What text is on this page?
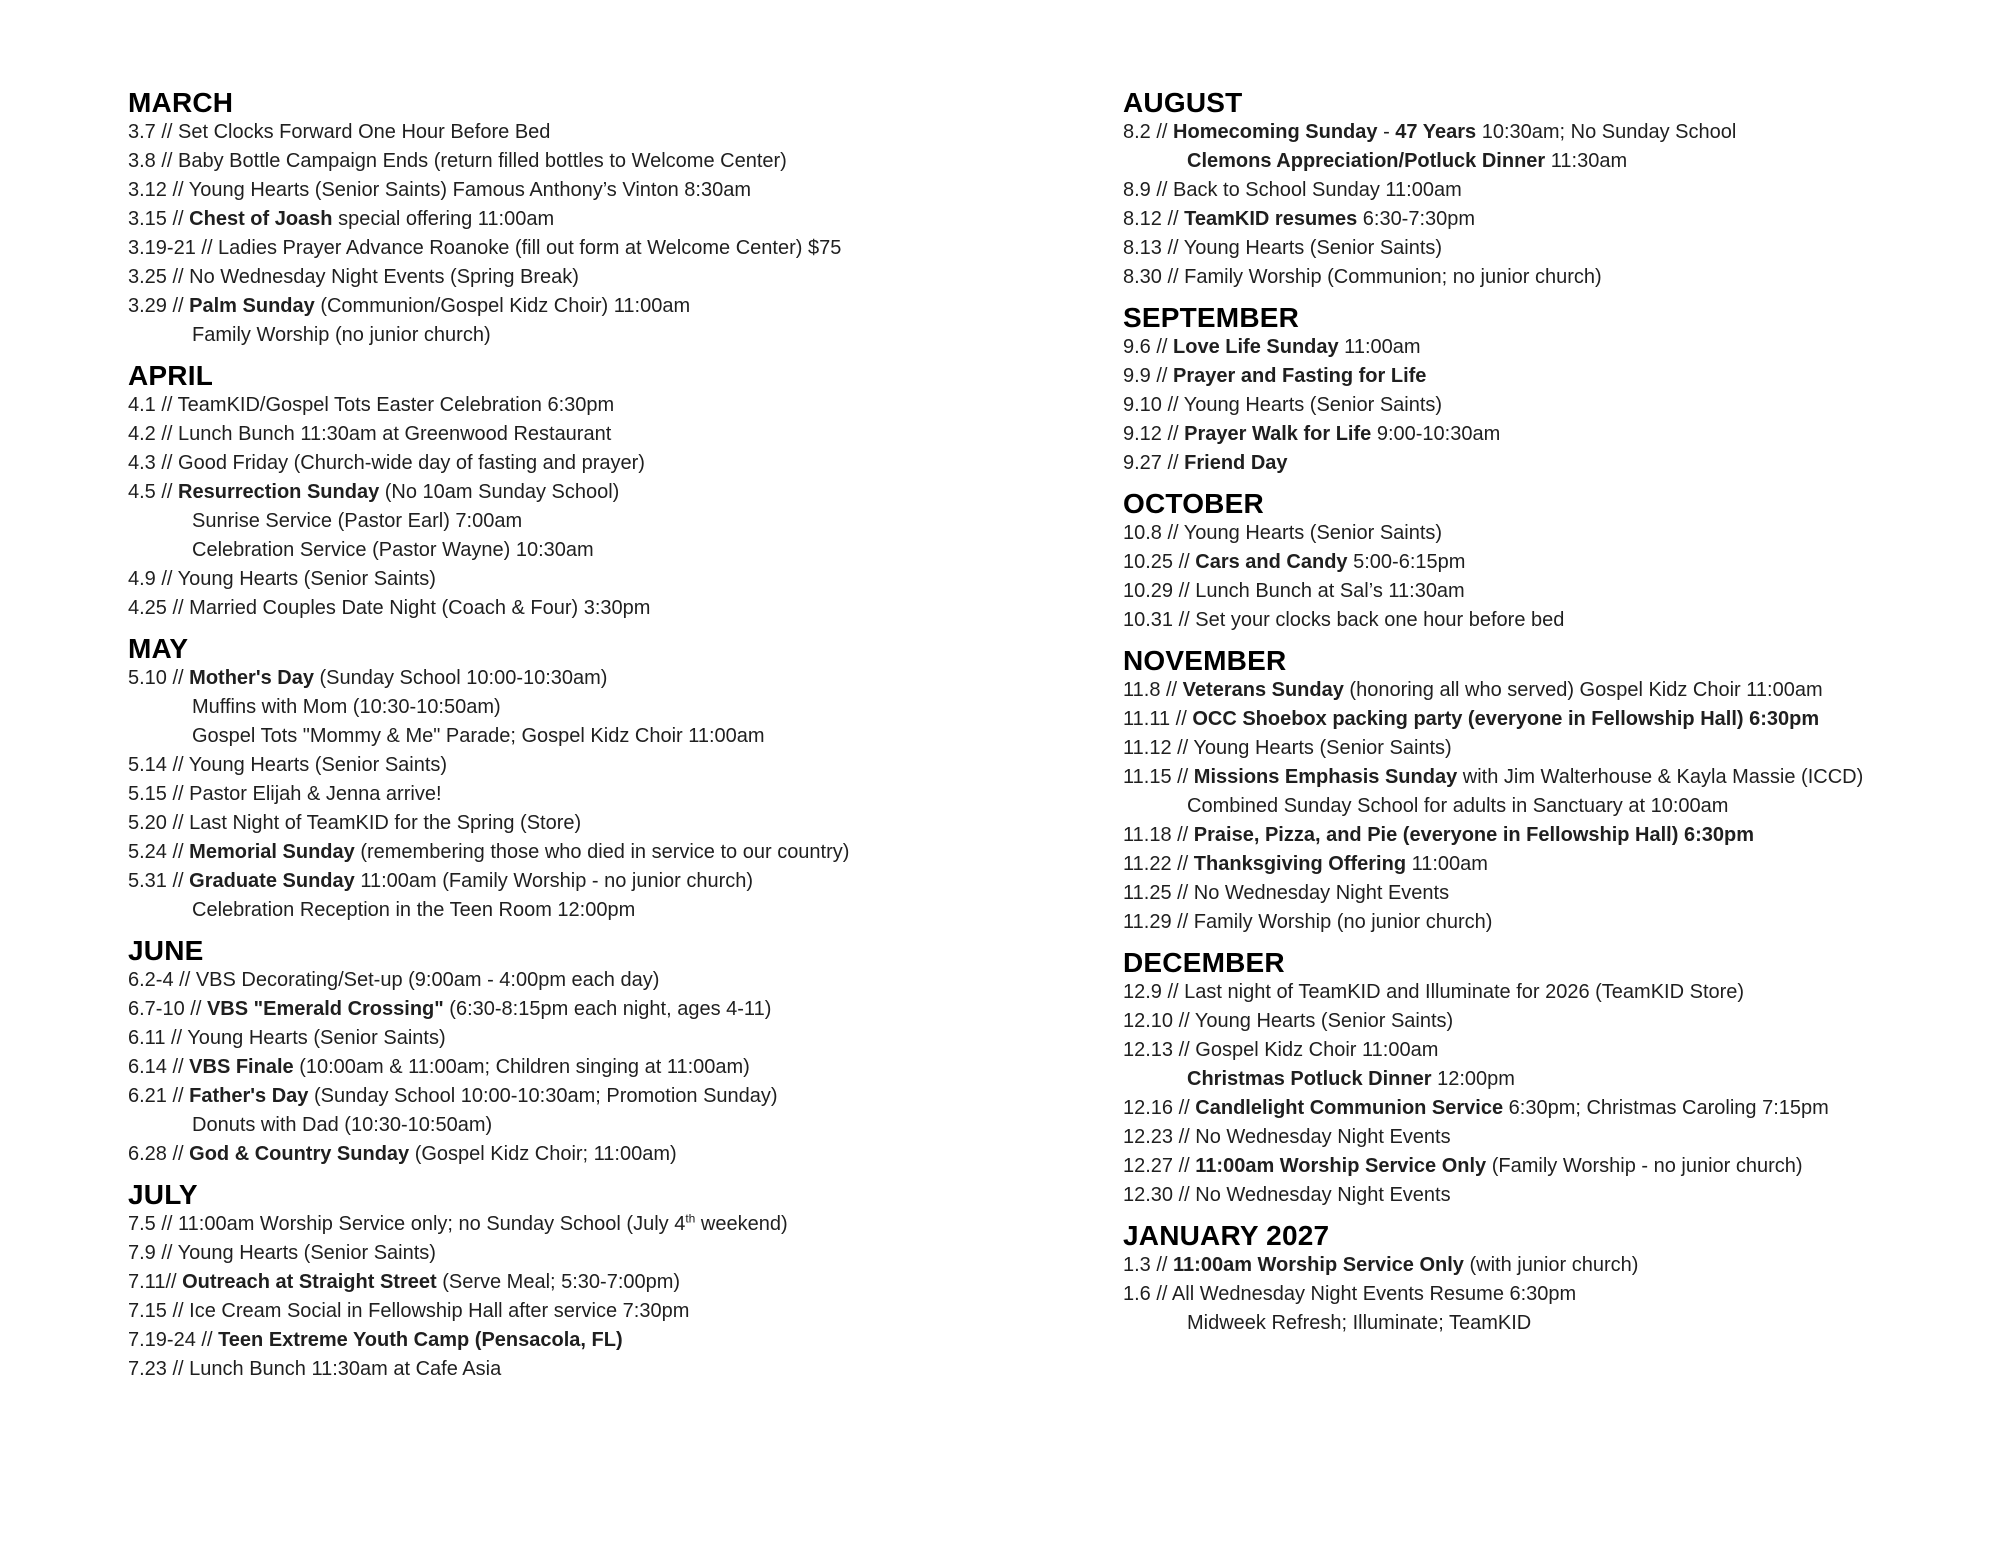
MARCH

3.7 // Set Clocks Forward One Hour Before Bed

3.8 // Baby Bottle Campaign Ends (return filled bottles to Welcome Center)

3.12 // Young Hearts (Senior Saints) Famous Anthony’s Vinton 8:30am

3.15 // Chest of Joash special offering 11:00am

3.19-21 // Ladies Prayer Advance Roanoke (fill out form at Welcome Center) $75

3.25 // No Wednesday Night Events (Spring Break)

3.29 // Palm Sunday (Communion/Gospel Kidz Choir) 11:00am

Family Worship (no junior church)

APRIL

4.1 // TeamKID/Gospel Tots Easter Celebration 6:30pm

4.2 // Lunch Bunch 11:30am at Greenwood Restaurant

4.3 // Good Friday (Church-wide day of fasting and prayer)

4.5 // Resurrection Sunday (No 10am Sunday School)

Sunrise Service (Pastor Earl) 7:00am

Celebration Service (Pastor Wayne) 10:30am

4.9 // Young Hearts (Senior Saints)

4.25 // Married Couples Date Night (Coach & Four) 3:30pm

MAY

5.10 // Mother's Day (Sunday School 10:00-10:30am)

Muffins with Mom (10:30-10:50am)

Gospel Tots "Mommy & Me" Parade; Gospel Kidz Choir 11:00am

5.14 // Young Hearts (Senior Saints)

5.15 // Pastor Elijah & Jenna arrive!

5.20 // Last Night of TeamKID for the Spring (Store)

5.24 // Memorial Sunday (remembering those who died in service to our country)

5.31 // Graduate Sunday 11:00am (Family Worship - no junior church)

Celebration Reception in the Teen Room 12:00pm

JUNE

6.2-4 // VBS Decorating/Set-up (9:00am - 4:00pm each day)

6.7-10 // VBS "Emerald Crossing" (6:30-8:15pm each night, ages 4-11)

6.11 // Young Hearts (Senior Saints)

6.14 // VBS Finale (10:00am & 11:00am; Children singing at 11:00am)

6.21 // Father's Day (Sunday School 10:00-10:30am; Promotion Sunday)

Donuts with Dad (10:30-10:50am)

6.28 // God & Country Sunday (Gospel Kidz Choir; 11:00am)

JULY

7.5 // 11:00am Worship Service only; no Sunday School (July 4th weekend)

7.9 // Young Hearts (Senior Saints)

7.11// Outreach at Straight Street (Serve Meal; 5:30-7:00pm)

7.15 // Ice Cream Social in Fellowship Hall after service 7:30pm

7.19-24 // Teen Extreme Youth Camp (Pensacola, FL)

7.23 // Lunch Bunch 11:30am at Cafe Asia

AUGUST

8.2 // Homecoming Sunday - 47 Years 10:30am; No Sunday School

Clemons Appreciation/Potluck Dinner 11:30am

8.9 // Back to School Sunday 11:00am

8.12 // TeamKID resumes 6:30-7:30pm

8.13 // Young Hearts (Senior Saints)

8.30 // Family Worship (Communion; no junior church)

SEPTEMBER

9.6 // Love Life Sunday 11:00am

9.9 // Prayer and Fasting for Life

9.10 // Young Hearts (Senior Saints)

9.12 // Prayer Walk for Life 9:00-10:30am

9.27 // Friend Day

OCTOBER

10.8 // Young Hearts (Senior Saints)

10.25 // Cars and Candy 5:00-6:15pm

10.29 // Lunch Bunch at Sal’s 11:30am

10.31 // Set your clocks back one hour before bed

NOVEMBER

11.8 // Veterans Sunday (honoring all who served) Gospel Kidz Choir 11:00am

11.11 // OCC Shoebox packing party (everyone in Fellowship Hall) 6:30pm

11.12 // Young Hearts (Senior Saints)

11.15 // Missions Emphasis Sunday with Jim Walterhouse & Kayla Massie (ICCD)

Combined Sunday School for adults in Sanctuary at 10:00am

11.18 // Praise, Pizza, and Pie (everyone in Fellowship Hall) 6:30pm

11.22 // Thanksgiving Offering 11:00am

11.25 // No Wednesday Night Events

11.29 // Family Worship (no junior church)

DECEMBER

12.9 // Last night of TeamKID and Illuminate for 2026 (TeamKID Store)

12.10 // Young Hearts (Senior Saints)

12.13 // Gospel Kidz Choir 11:00am

Christmas Potluck Dinner 12:00pm

12.16 // Candlelight Communion Service 6:30pm; Christmas Caroling 7:15pm

12.23 // No Wednesday Night Events

12.27 // 11:00am Worship Service Only (Family Worship - no junior church)

12.30 // No Wednesday Night Events

JANUARY 2027

1.3 // 11:00am Worship Service Only (with junior church)

1.6 // All Wednesday Night Events Resume 6:30pm

Midweek Refresh; Illuminate; TeamKID
